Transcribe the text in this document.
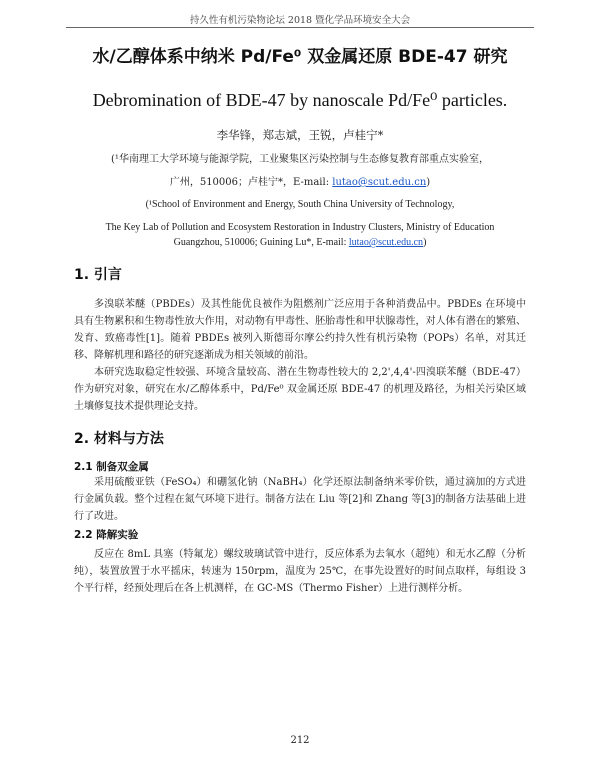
持久性有机污染物论坛 2018 暨化学品环境安全大会
水/乙醇体系中纳米 Pd/Fe⁰ 双金属还原 BDE-47 研究
Debromination of BDE-47 by nanoscale Pd/Fe⁰ particles.
李华锋，郑志斌，王锐，卢桂宁*
(¹华南理工大学环境与能源学院，工业聚集区污染控制与生态修复教育部重点实验室，
广州，510006；卢桂宁*，E-mail: lutao@scut.edu.cn)
(¹School of Environment and Energy, South China University of Technology,
The Key Lab of Pollution and Ecosystem Restoration in Industry Clusters, Ministry of Education
Guangzhou, 510006; Guining Lu*, E-mail: lutao@scut.edu.cn)
1. 引言

多溴联苯醚（PBDEs）及其性能优良被作为阻燃剂广泛应用于各种消费品中。PBDEs 在环境中具有生物累积和生物毒性放大作用，对动物有甲毒性、胚胎毒性和甲状腺毒性，对人体有潜在的繁殖、发育、致癌毒性[1]。随着 PBDEs 被列入斯德哥尔摩公约持久性有机污染物（POPs）名单，对其迁移、降解机理和路径的研究逐渐成为相关领域的前沿。

本研究选取稳定性较强、环境含量较高、潜在生物毒性较大的 2,2',4,4'-四溴联苯醚（BDE-47）作为研究对象，研究在水/乙醇体系中，Pd/Fe⁰ 双金属还原 BDE-47 的机理及路径，为相关污染区域土壤修复技术提供理论支持。

2. 材料与方法
2.1 制备双金属

采用硫酸亚铁（FeSO₄）和硼氢化钠（NaBH₄）化学还原法制备纳米零价铁，通过滴加的方式进行金属负载。整个过程在氮气环境下进行。制备方法在 Liu 等[2]和 Zhang 等[3]的制备方法基础上进行了改进。

2.2 降解实验

反应在 8mL 具塞（特氟龙）螺纹玻璃试管中进行，反应体系为去氧水（超纯）和无水乙醇（分析纯），装置放置于水平摇床，转速为 150rpm，温度为 25℃，在事先设置好的时间点取样，每组设 3 个平行样，经预处理后在各上机测样，在 GC-MS（Thermo Fisher）上进行测样分析。

212
